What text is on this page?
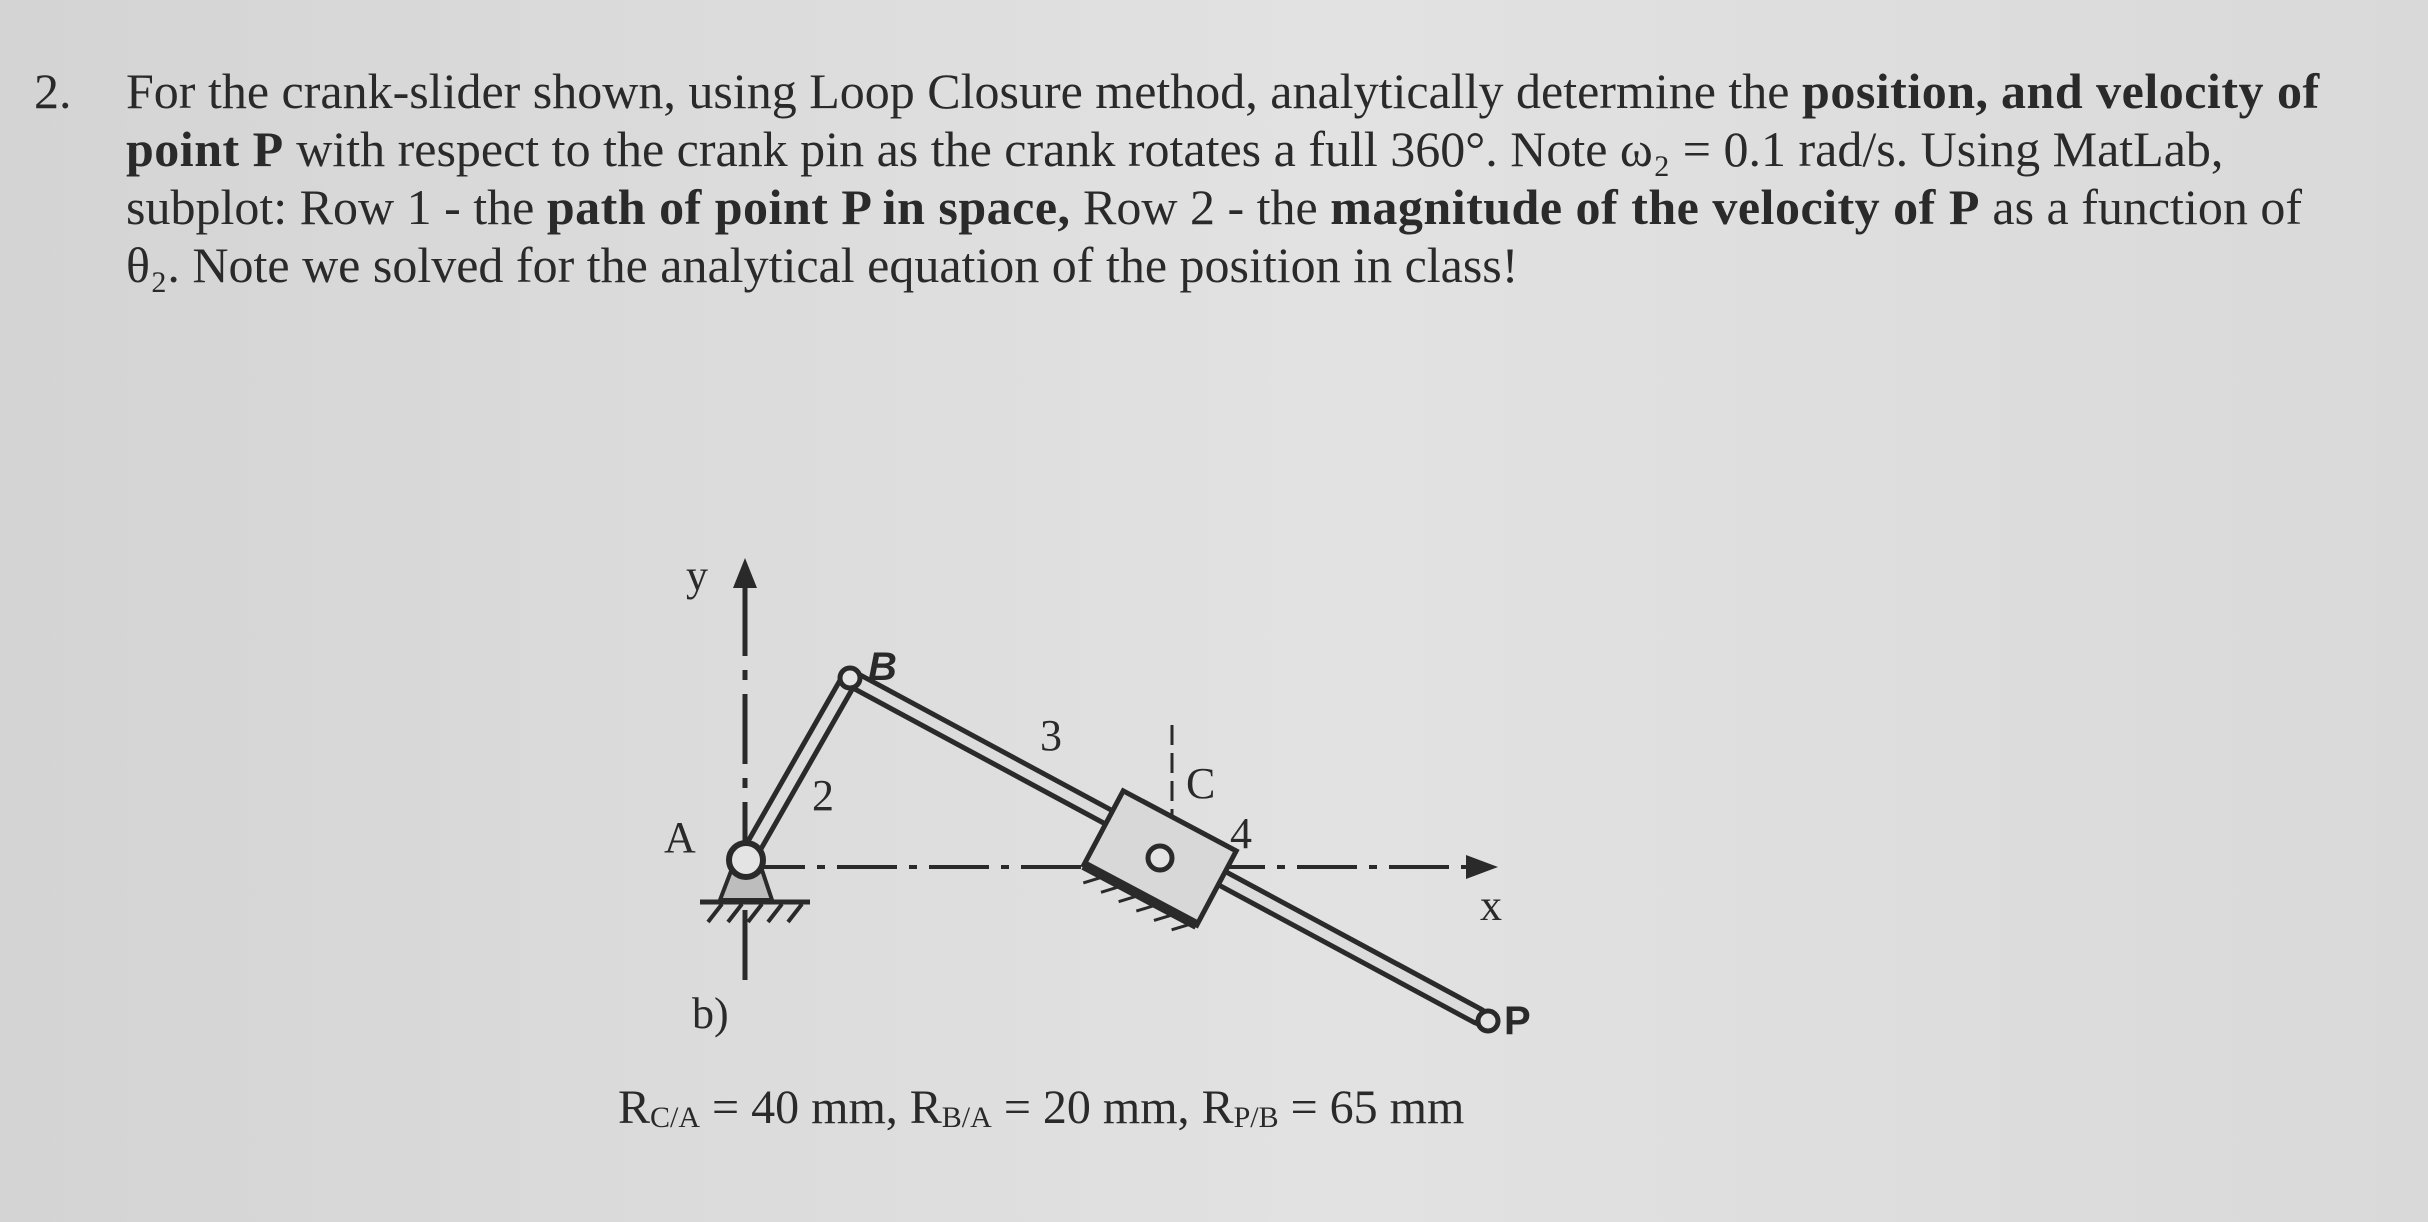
2.	For the crank-slider shown, using Loop Closure method, analytically determine the position, and velocity of point P with respect to the crank pin as the crank rotates a full 360°. Note ω₂ = 0.1 rad/s. Using MatLab, subplot: Row 1 - the path of point P in space, Row 2 - the magnitude of the velocity of P as a function of θ₂. Note we solved for the analytical equation of the position in class!
y
x
A
B
C
P
2
3
4
b)
$R_{C/A} = 40$ mm, $R_{B/A} = 20$ mm, $R_{P/B} = 65$ mm
